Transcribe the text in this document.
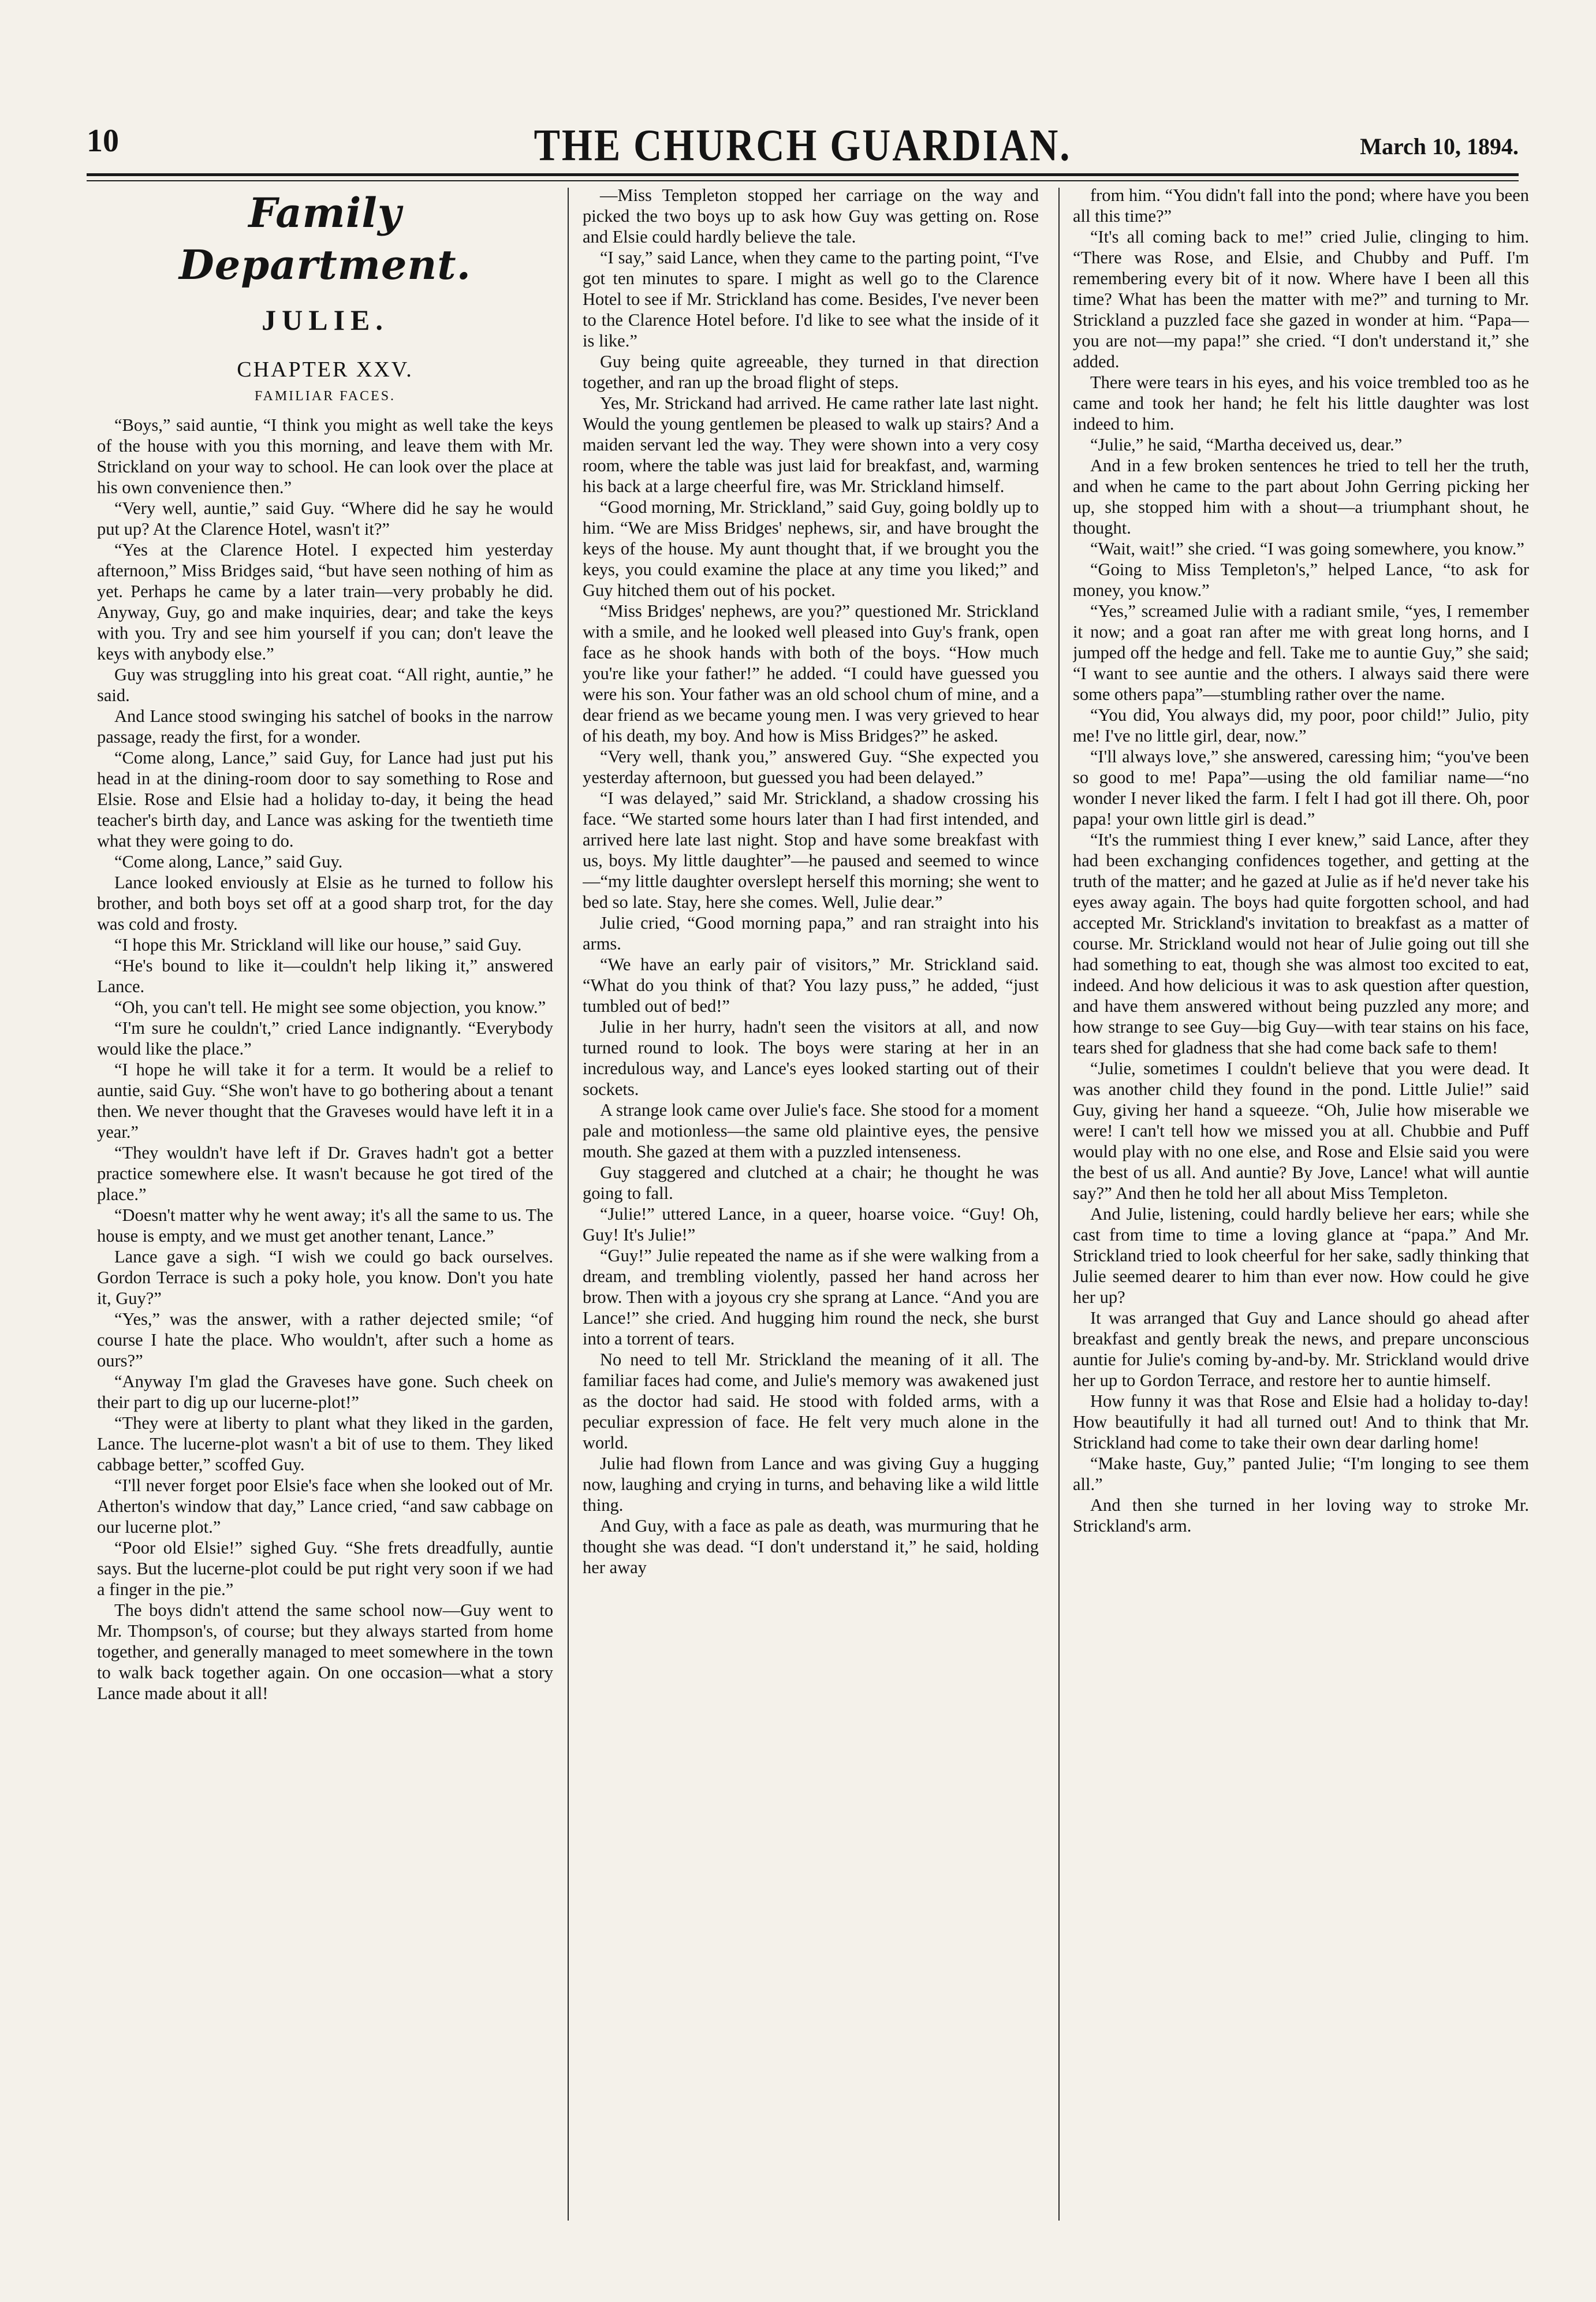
10	THE CHURCH GUARDIAN.	March 10, 1894.
Family Department.
JULIE.
CHAPTER XXV.
FAMILIAR FACES.

“Boys,” said auntie, “I think you might as well take the keys of the house with you this morning, and leave them with Mr. Strickland on your way to school. He can look over the place at his own convenience then.”

“Very well, auntie,” said Guy. “Where did he say he would put up? At the Clarence Hotel, wasn't it?”

“Yes at the Clarence Hotel. I expected him yesterday afternoon,” Miss Bridges said, “but have seen nothing of him as yet. Perhaps he came by a later train—very probably he did. Anyway, Guy, go and make inquiries, dear; and take the keys with you. Try and see him yourself if you can; don't leave the keys with anybody else.”

Guy was struggling into his great coat. “All right, auntie,” he said.

And Lance stood swinging his satchel of books in the narrow passage, ready the first, for a wonder.

“Come along, Lance,” said Guy, for Lance had just put his head in at the dining-room door to say something to Rose and Elsie. Rose and Elsie had a holiday to-day, it being the head teacher's birth day, and Lance was asking for the twentieth time what they were going to do.

“Come along, Lance,” said Guy.

Lance looked enviously at Elsie as he turned to follow his brother, and both boys set off at a good sharp trot, for the day was cold and frosty.

“I hope this Mr. Strickland will like our house,” said Guy.

“He's bound to like it—couldn't help liking it,” answered Lance.

“Oh, you can't tell. He might see some objection, you know.”

“I'm sure he couldn't,” cried Lance indignantly. “Everybody would like the place.”

“I hope he will take it for a term. It would be a relief to auntie, said Guy. “She won't have to go bothering about a tenant then. We never thought that the Graveses would have left it in a year.”

“They wouldn't have left if Dr. Graves hadn't got a better practice somewhere else. It wasn't because he got tired of the place.”

“Doesn't matter why he went away; it's all the same to us. The house is empty, and we must get another tenant, Lance.”

Lance gave a sigh. “I wish we could go back ourselves. Gordon Terrace is such a poky hole, you know. Don't you hate it, Guy?”

“Yes,” was the answer, with a rather dejected smile; “of course I hate the place. Who wouldn't, after such a home as ours?”

“Anyway I'm glad the Graveses have gone. Such cheek on their part to dig up our lucerne-plot!”

“They were at liberty to plant what they liked in the garden, Lance. The lucerne-plot wasn't a bit of use to them. They liked cabbage better,” scoffed Guy.

“I'll never forget poor Elsie's face when she looked out of Mr. Atherton's window that day,” Lance cried, “and saw cabbage on our lucerne plot.”

“Poor old Elsie!” sighed Guy. “She frets dreadfully, auntie says. But the lucerne-plot could be put right very soon if we had a finger in the pie.”

The boys didn't attend the same school now—Guy went to Mr. Thompson's, of course; but they always started from home together, and generally managed to meet somewhere in the town to walk back together again. On one occasion—what a story Lance made about it all!

—Miss Templeton stopped her carriage on the way and picked the two boys up to ask how Guy was getting on. Rose and Elsie could hardly believe the tale.

“I say,” said Lance, when they came to the parting point, “I've got ten minutes to spare. I might as well go to the Clarence Hotel to see if Mr. Strickland has come. Besides, I've never been to the Clarence Hotel before. I'd like to see what the inside of it is like.”

Guy being quite agreeable, they turned in that direction together, and ran up the broad flight of steps.

Yes, Mr. Strickand had arrived. He came rather late last night. Would the young gentlemen be pleased to walk up stairs? And a maiden servant led the way. They were shown into a very cosy room, where the table was just laid for breakfast, and, warming his back at a large cheerful fire, was Mr. Strickland himself.

“Good morning, Mr. Strickland,” said Guy, going boldly up to him. “We are Miss Bridges' nephews, sir, and have brought the keys of the house. My aunt thought that, if we brought you the keys, you could examine the place at any time you liked;” and Guy hitched them out of his pocket.

“Miss Bridges' nephews, are you?” questioned Mr. Strickland with a smile, and he looked well pleased into Guy's frank, open face as he shook hands with both of the boys. “How much you're like your father!” he added. “I could have guessed you were his son. Your father was an old school chum of mine, and a dear friend as we became young men. I was very grieved to hear of his death, my boy. And how is Miss Bridges?” he asked.

“Very well, thank you,” answered Guy. “She expected you yesterday afternoon, but guessed you had been delayed.”

“I was delayed,” said Mr. Strickland, a shadow crossing his face. “We started some hours later than I had first intended, and arrived here late last night. Stop and have some breakfast with us, boys. My little daughter”—he paused and seemed to wince—“my little daughter overslept herself this morning; she went to bed so late. Stay, here she comes. Well, Julie dear.”

Julie cried, “Good morning papa,” and ran straight into his arms.

“We have an early pair of visitors,” Mr. Strickland said. “What do you think of that? You lazy puss,” he added, “just tumbled out of bed!”

Julie in her hurry, hadn't seen the visitors at all, and now turned round to look. The boys were staring at her in an incredulous way, and Lance's eyes looked starting out of their sockets.

A strange look came over Julie's face. She stood for a moment pale and motionless—the same old plaintive eyes, the pensive mouth. She gazed at them with a puzzled intenseness.

Guy staggered and clutched at a chair; he thought he was going to fall.

“Julie!” uttered Lance, in a queer, hoarse voice. “Guy! Oh, Guy! It's Julie!”

“Guy!” Julie repeated the name as if she were walking from a dream, and trembling violently, passed her hand across her brow. Then with a joyous cry she sprang at Lance. “And you are Lance!” she cried. And hugging him round the neck, she burst into a torrent of tears.

No need to tell Mr. Strickland the meaning of it all. The familiar faces had come, and Julie's memory was awakened just as the doctor had said. He stood with folded arms, with a peculiar expression of face. He felt very much alone in the world.

Julie had flown from Lance and was giving Guy a hugging now, laughing and crying in turns, and behaving like a wild little thing.

And Guy, with a face as pale as death, was murmuring that he thought she was dead. “I don't understand it,” he said, holding her away

from him. “You didn't fall into the pond; where have you been all this time?”

“It's all coming back to me!” cried Julie, clinging to him. “There was Rose, and Elsie, and Chubby and Puff. I'm remembering every bit of it now. Where have I been all this time? What has been the matter with me?” and turning to Mr. Strickland a puzzled face she gazed in wonder at him. “Papa—you are not—my papa!” she cried. “I don't understand it,” she added.

There were tears in his eyes, and his voice trembled too as he came and took her hand; he felt his little daughter was lost indeed to him.

“Julie,” he said, “Martha deceived us, dear.”

And in a few broken sentences he tried to tell her the truth, and when he came to the part about John Gerring picking her up, she stopped him with a shout—a triumphant shout, he thought.

“Wait, wait!” she cried. “I was going somewhere, you know.”

“Going to Miss Templeton's,” helped Lance, “to ask for money, you know.”

“Yes,” screamed Julie with a radiant smile, “yes, I remember it now; and a goat ran after me with great long horns, and I jumped off the hedge and fell. Take me to auntie Guy,” she said; “I want to see auntie and the others. I always said there were some others papa”—stumbling rather over the name.

“You did, You always did, my poor, poor child!” Julio, pity me! I've no little girl, dear, now.”

“I'll always love,” she answered, caressing him; “you've been so good to me! Papa”—using the old familiar name—“no wonder I never liked the farm. I felt I had got ill there. Oh, poor papa! your own little girl is dead.”

“It's the rummiest thing I ever knew,” said Lance, after they had been exchanging confidences together, and getting at the truth of the matter; and he gazed at Julie as if he'd never take his eyes away again. The boys had quite forgotten school, and had accepted Mr. Strickland's invitation to breakfast as a matter of course. Mr. Strickland would not hear of Julie going out till she had something to eat, though she was almost too excited to eat, indeed. And how delicious it was to ask question after question, and have them answered without being puzzled any more; and how strange to see Guy—big Guy—with tear stains on his face, tears shed for gladness that she had come back safe to them!

“Julie, sometimes I couldn't believe that you were dead. It was another child they found in the pond. Little Julie!” said Guy, giving her hand a squeeze. “Oh, Julie how miserable we were! I can't tell how we missed you at all. Chubbie and Puff would play with no one else, and Rose and Elsie said you were the best of us all. And auntie? By Jove, Lance! what will auntie say?” And then he told her all about Miss Templeton.

And Julie, listening, could hardly believe her ears; while she cast from time to time a loving glance at “papa.” And Mr. Strickland tried to look cheerful for her sake, sadly thinking that Julie seemed dearer to him than ever now. How could he give her up?

It was arranged that Guy and Lance should go ahead after breakfast and gently break the news, and prepare unconscious auntie for Julie's coming by-and-by. Mr. Strickland would drive her up to Gordon Terrace, and restore her to auntie himself.

How funny it was that Rose and Elsie had a holiday to-day! How beautifully it had all turned out! And to think that Mr. Strickland had come to take their own dear darling home!

“Make haste, Guy,” panted Julie; “I'm longing to see them all.”

And then she turned in her loving way to stroke Mr. Strickland's arm.
